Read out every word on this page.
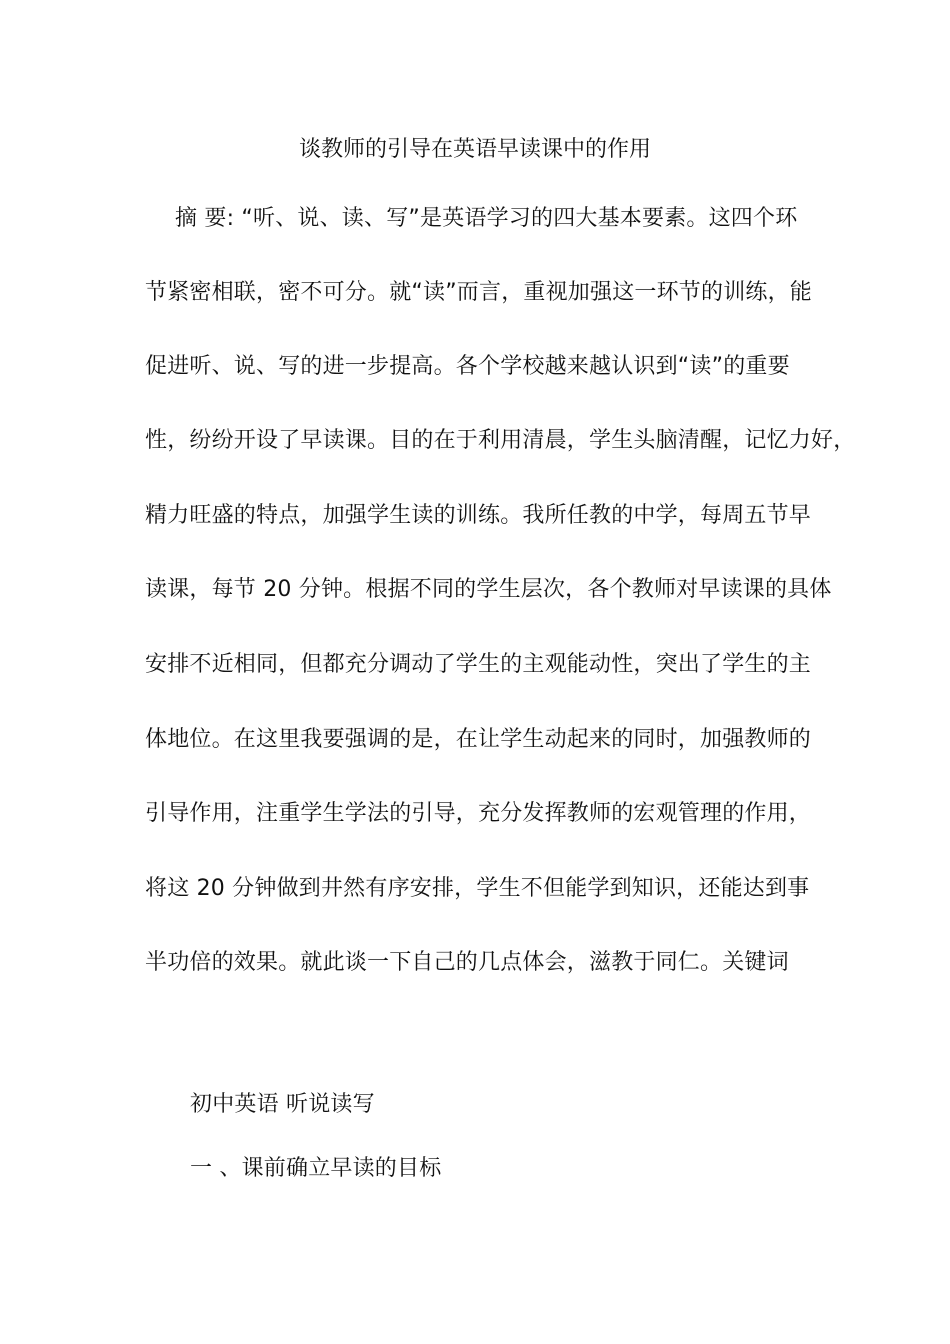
谈教师的引导在英语早读课中的作用
摘 要: “听、说、读、写”是英语学习的四大基本要素。这四个环
节紧密相联，密不可分。就“读”而言，重视加强这一环节的训练，能
促进听、说、写的进一步提高。各个学校越来越认识到“读”的重要
性，纷纷开设了早读课。目的在于利用清晨，学生头脑清醒，记忆力好，
精力旺盛的特点，加强学生读的训练。我所任教的中学，每周五节早
读课，每节 20 分钟。根据不同的学生层次，各个教师对早读课的具体
安排不近相同，但都充分调动了学生的主观能动性，突出了学生的主
体地位。在这里我要强调的是，在让学生动起来的同时，加强教师的
引导作用，注重学生学法的引导，充分发挥教师的宏观管理的作用，
将这 20 分钟做到井然有序安排，学生不但能学到知识，还能达到事
半功倍的效果。就此谈一下自己的几点体会，滋教于同仁。关键词
初中英语 听说读写
一 、课前确立早读的目标
